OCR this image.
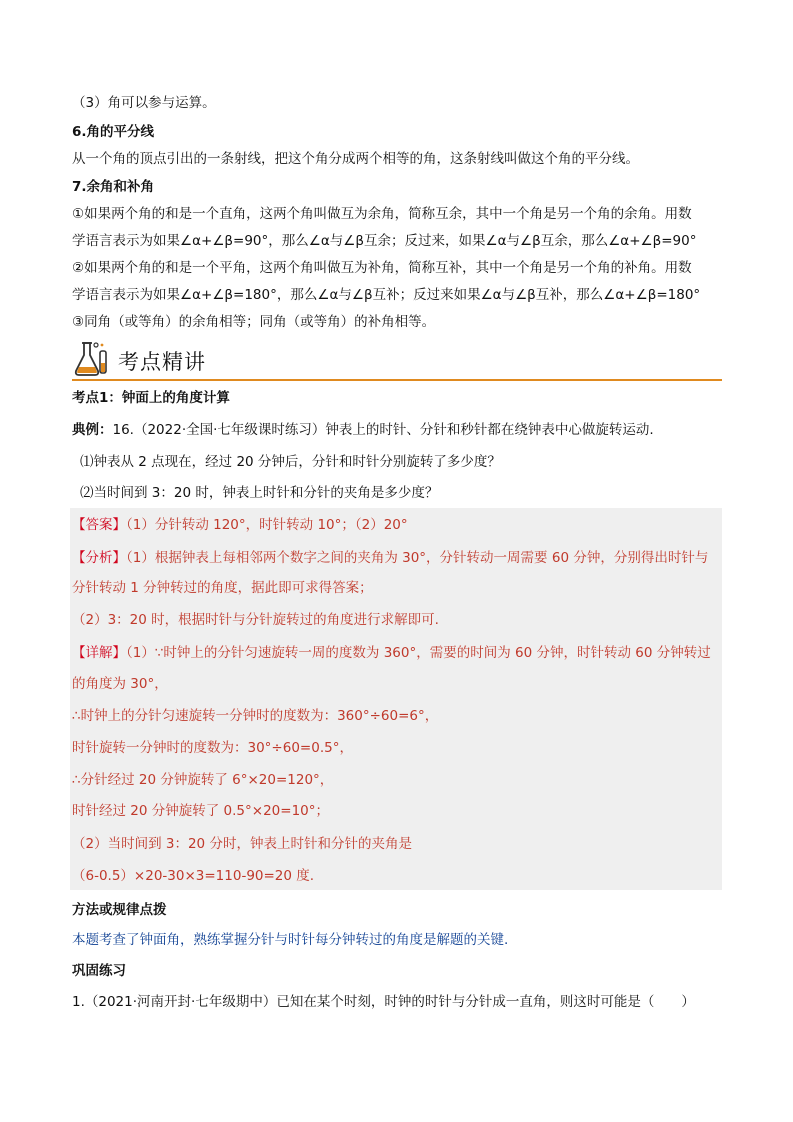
（3）角可以参与运算。
6.角的平分线
从一个角的顶点引出的一条射线，把这个角分成两个相等的角，这条射线叫做这个角的平分线。
7.余角和补角
①如果两个角的和是一个直角，这两个角叫做互为余角，简称互余，其中一个角是另一个角的余角。用数
学语言表示为如果∠α+∠β=90°，那么∠α与∠β互余；反过来，如果∠α与∠β互余，那么∠α+∠β=90°
②如果两个角的和是一个平角，这两个角叫做互为补角，简称互补，其中一个角是另一个角的补角。用数
学语言表示为如果∠α+∠β=180°，那么∠α与∠β互补；反过来如果∠α与∠β互补，那么∠α+∠β=180°
③同角（或等角）的余角相等；同角（或等角）的补角相等。
考点精讲
考点1：钟面上的角度计算
典例：16.（2022·全国·七年级课时练习）钟表上的时针、分针和秒针都在绕钟表中心做旋转运动.
⑴钟表从 2 点现在，经过 20 分钟后，分针和时针分别旋转了多少度？
⑵当时间到 3：20 时，钟表上时针和分针的夹角是多少度？
【答案】（1）分针转动 120°，时针转动 10°；（2）20°
【分析】（1）根据钟表上每相邻两个数字之间的夹角为 30°，分针转动一周需要 60 分钟，分别得出时针与
分针转动 1 分钟转过的角度，据此即可求得答案；
（2）3：20 时，根据时针与分针旋转过的角度进行求解即可.
【详解】（1）∵时钟上的分针匀速旋转一周的度数为 360°，需要的时间为 60 分钟，时针转动 60 分钟转过
的角度为 30°，
∴时钟上的分针匀速旋转一分钟时的度数为：360°÷60=6°，
时针旋转一分钟时的度数为：30°÷60=0.5°，
∴分针经过 20 分钟旋转了 6°×20=120°，
时针经过 20 分钟旋转了 0.5°×20=10°；
（2）当时间到 3：20 分时，钟表上时针和分针的夹角是
（6-0.5）×20-30×3=110-90=20 度.
方法或规律点拨
本题考查了钟面角，熟练掌握分针与时针每分钟转过的角度是解题的关键.
巩固练习
1.（2021·河南开封·七年级期中）已知在某个时刻，时钟的时针与分针成一直角，则这时可能是（　　）
